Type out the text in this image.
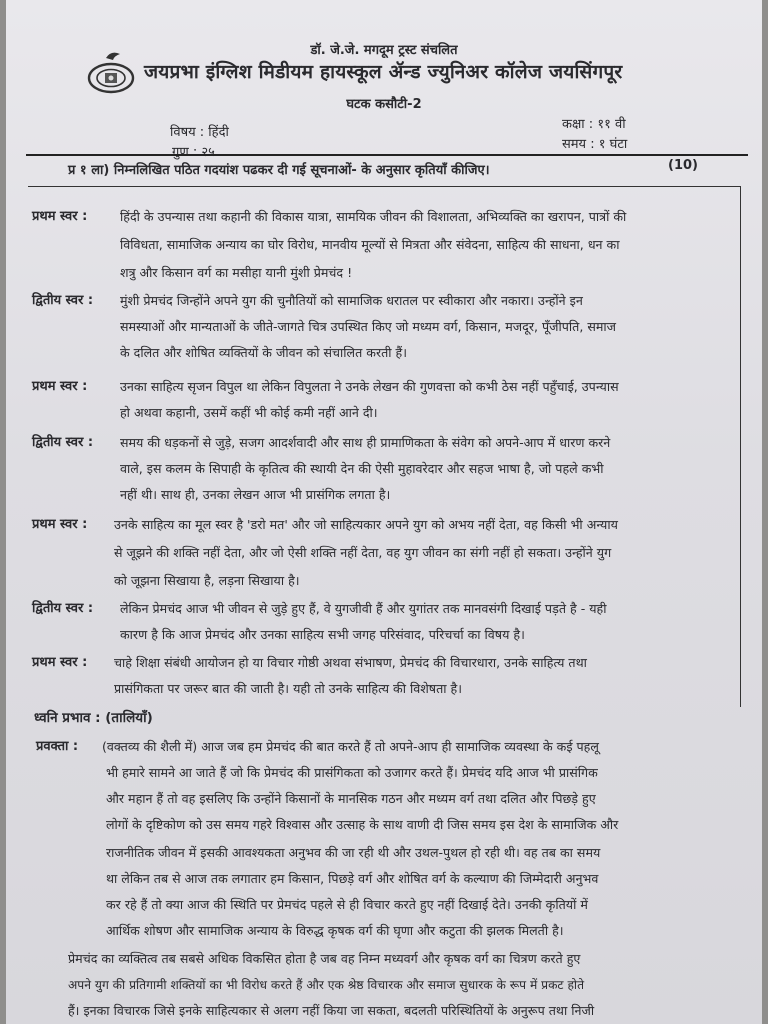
डॉ. जे.जे. मगदूम ट्रस्ट संचलित
जयप्रभा इंग्लिश मिडीयम हायस्कूल ॲन्ड ज्युनिअर कॉलेज जयसिंगपूर
घटक कसौटी-2
विषय : हिंदी
कक्षा : ११ वी
समय : १ घंटा
गुण : २५
प्र १ ला) निम्नलिखित पठित गदयांश पढकर दी गई सूचनाओं- के अनुसार कृतियाँ कीजिए।	(10)
प्रथम स्वर :	हिंदी के उपन्यास तथा कहानी की विकास यात्रा, सामयिक जीवन की विशालता, अभिव्यक्ति का खरापन, पात्रों की
विविधता, सामाजिक अन्याय का घोर विरोध, मानवीय मूल्यों से मित्रता और संवेदना, साहित्य की साधना, धन का
शत्रु और किसान वर्ग का मसीहा यानी मुंशी प्रेमचंद !
द्वितीय स्वर : मुंशी प्रेमचंद जिन्होंने अपने युग की चुनौतियों को सामाजिक धरातल पर स्वीकारा और नकारा। उन्होंने इन
समस्याओं और मान्यताओं के जीते-जागते चित्र उपस्थित किए जो मध्यम वर्ग, किसान, मजदूर, पूँजीपति, समाज
के दलित और शोषित व्यक्तियों के जीवन को संचालित करती हैं।
प्रथम स्वर :	उनका साहित्य सृजन विपुल था लेकिन विपुलता ने उनके लेखन की गुणवत्ता को कभी ठेस नहीं पहुँचाई, उपन्यास
हो अथवा कहानी, उसमें कहीं भी कोई कमी नहीं आने दी।
द्वितीय स्वर : समय की धड़कनों से जुड़े, सजग आदर्शवादी और साथ ही प्रामाणिकता के संवेग को अपने-आप में धारण करने
वाले, इस कलम के सिपाही के कृतित्व की स्थायी देन की ऐसी मुहावरेदार और सहज भाषा है, जो पहले कभी
नहीं थी। साथ ही, उनका लेखन आज भी प्रासंगिक लगता है।
प्रथम स्वर : उनके साहित्य का मूल स्वर है 'डरो मत' और जो साहित्यकार अपने युग को अभय नहीं देता, वह किसी भी अन्याय
से जूझने की शक्ति नहीं देता, और जो ऐसी शक्ति नहीं देता, वह युग जीवन का संगी नहीं हो सकता। उन्होंने युग
को जूझना सिखाया है, लड़ना सिखाया है।
द्वितीय स्वर : लेकिन प्रेमचंद आज भी जीवन से जुड़े हुए हैं, वे युगजीवी हैं और युगांतर तक मानवसंगी दिखाई पड़ते है - यही
कारण है कि आज प्रेमचंद और उनका साहित्य सभी जगह परिसंवाद, परिचर्चा का विषय है।
प्रथम स्वर : चाहे शिक्षा संबंधी आयोजन हो या विचार गोष्ठी अथवा संभाषण, प्रेमचंद की विचारधारा, उनके साहित्य तथा
प्रासंगिकता पर जरूर बात की जाती है। यही तो उनके साहित्य की विशेषता है।
ध्वनि प्रभाव : (तालियाँ)
प्रवक्ता : (वक्तव्य की शैली में) आज जब हम प्रेमचंद की बात करते हैं तो अपने-आप ही सामाजिक व्यवस्था के कई पहलू
भी हमारे सामने आ जाते हैं जो कि प्रेमचंद की प्रासंगिकता को उजागर करते हैं। प्रेमचंद यदि आज भी प्रासंगिक
और महान हैं तो वह इसलिए कि उन्होंने किसानों के मानसिक गठन और मध्यम वर्ग तथा दलित और पिछड़े हुए
लोगों के दृष्टिकोण को उस समय गहरे विश्वास और उत्साह के साथ वाणी दी जिस समय इस देश के सामाजिक और
राजनीतिक जीवन में इसकी आवश्यकता अनुभव की जा रही थी और उथल-पुथल हो रही थी। वह तब का समय
था लेकिन तब से आज तक लगातार हम किसान, पिछड़े वर्ग और शोषित वर्ग के कल्याण की जिम्मेदारी अनुभव
कर रहे हैं तो क्या आज की स्थिति पर प्रेमचंद पहले से ही विचार करते हुए नहीं दिखाई देते। उनकी कृतियों में
आर्थिक शोषण और सामाजिक अन्याय के विरुद्ध कृषक वर्ग की घृणा और कटुता की झलक मिलती है।
प्रेमचंद का व्यक्तित्व तब सबसे अधिक विकसित होता है जब वह निम्न मध्यवर्ग और कृषक वर्ग का चित्रण करते हुए
अपने युग की प्रतिगामी शक्तियों का भी विरोध करते हैं और एक श्रेष्ठ विचारक और समाज सुधारक के रूप में प्रकट होते
हैं। इनका विचारक जिसे इनके साहित्यकार से अलग नहीं किया जा सकता, बदलती परिस्थितियों के अनुरूप तथा निजी
